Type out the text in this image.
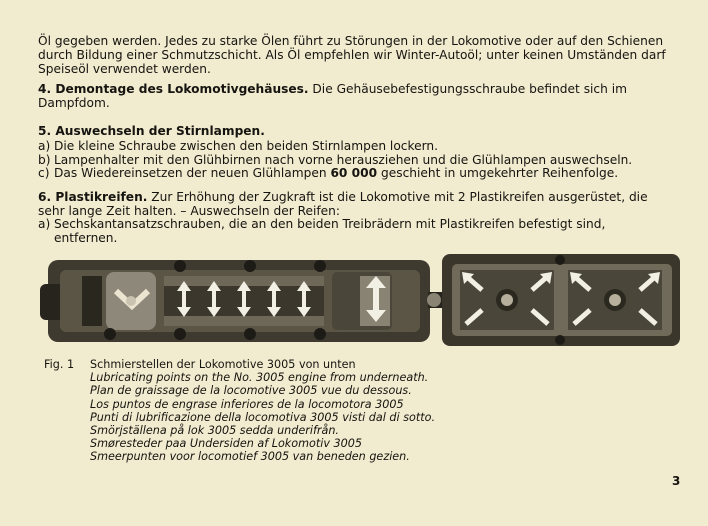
Öl gegeben werden. Jedes zu starke Ölen führt zu Störungen in der Lokomotive oder auf den Schienen durch Bildung einer Schmutzschicht. Als Öl empfehlen wir Winter-Autoöl; unter keinen Umständen darf Speiseöl verwendet werden.

4. Demontage des Lokomotivgehäuses. Die Gehäusebefestigungsschraube befindet sich im Dampfdom.

5. Auswechseln der Stirnlampen.
a) Die kleine Schraube zwischen den beiden Stirnlampen lockern.
b) Lampenhalter mit den Glühbirnen nach vorne herausziehen und die Glühlampen auswechseln.
c) Das Wiedereinsetzen der neuen Glühlampen 60 000 geschieht in umgekehrter Reihenfolge.

6. Plastikreifen. Zur Erhöhung der Zugkraft ist die Lokomotive mit 2 Plastikreifen ausgerüstet, die sehr lange Zeit halten. – Auswechseln der Reifen:

a) Sechskantansatzschrauben, die an den beiden Treibrädern mit Plastikreifen befestigt sind,
entfernen.
Fig. 1	Schmierstellen der Lokomotive 3005 von unten
Lubricating points on the No. 3005 engine from underneath.
Plan de graissage de la locomotive 3005 vue du dessous.
Los puntos de engrase inferiores de la locomotora 3005
Punti di lubrificazione della locomotiva 3005 visti dal di sotto.
Smörjställena på lok 3005 sedda underifrån.
Smøresteder paa Undersiden af Lokomotiv 3005
Smeerpunten voor locomotief 3005 van beneden gezien.
3
